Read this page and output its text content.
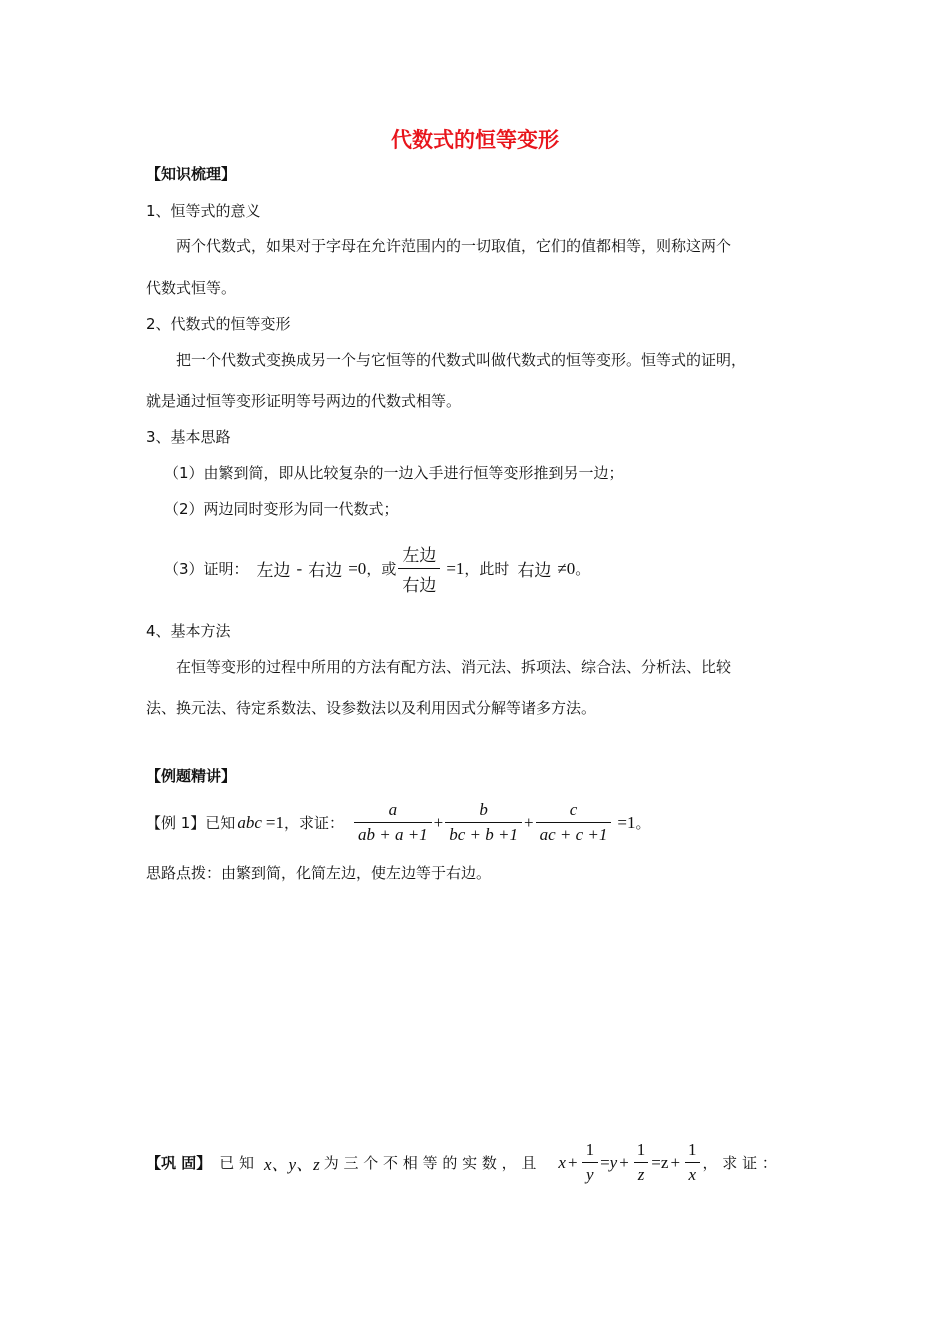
代数式的恒等变形
【知识梳理】
1、恒等式的意义
两个代数式，如果对于字母在允许范围内的一切取值，它们的值都相等，则称这两个
代数式恒等。
2、代数式的恒等变形
把一个代数式变换成另一个与它恒等的代数式叫做代数式的恒等变形。恒等式的证明，
就是通过恒等变形证明等号两边的代数式相等。
3、基本思路
（1）由繁到简，即从比较复杂的一边入手进行恒等变形推到另一边；
（2）两边同时变形为同一代数式；
（3）证明： 左边 - 右边 =0 ，或 $\frac{\text{左边}}{\text{右边}} =1$ ，此时 右边 ≠0 。
4、基本方法
在恒等变形的过程中所用的方法有配方法、消元法、拆项法、综合法、分析法、比较
法、换元法、待定系数法、设参数法以及利用因式分解等诸多方法。
【例题精讲】
【例 1】已知 abc =1 ，求证： $\frac{a}{ab + a +1} + \frac{b}{bc + b +1} + \frac{c}{ac + c +1} =1$ 。
思路点拨：由繁到简，化简左边，使左边等于右边。
【巩 固】 已 知 x、y、z 为 三 个 不 相 等 的 实 数 ， 且 $x + \frac{1}{y} = y + \frac{1}{z} = z + \frac{1}{x}$ ， 求 证 ：
